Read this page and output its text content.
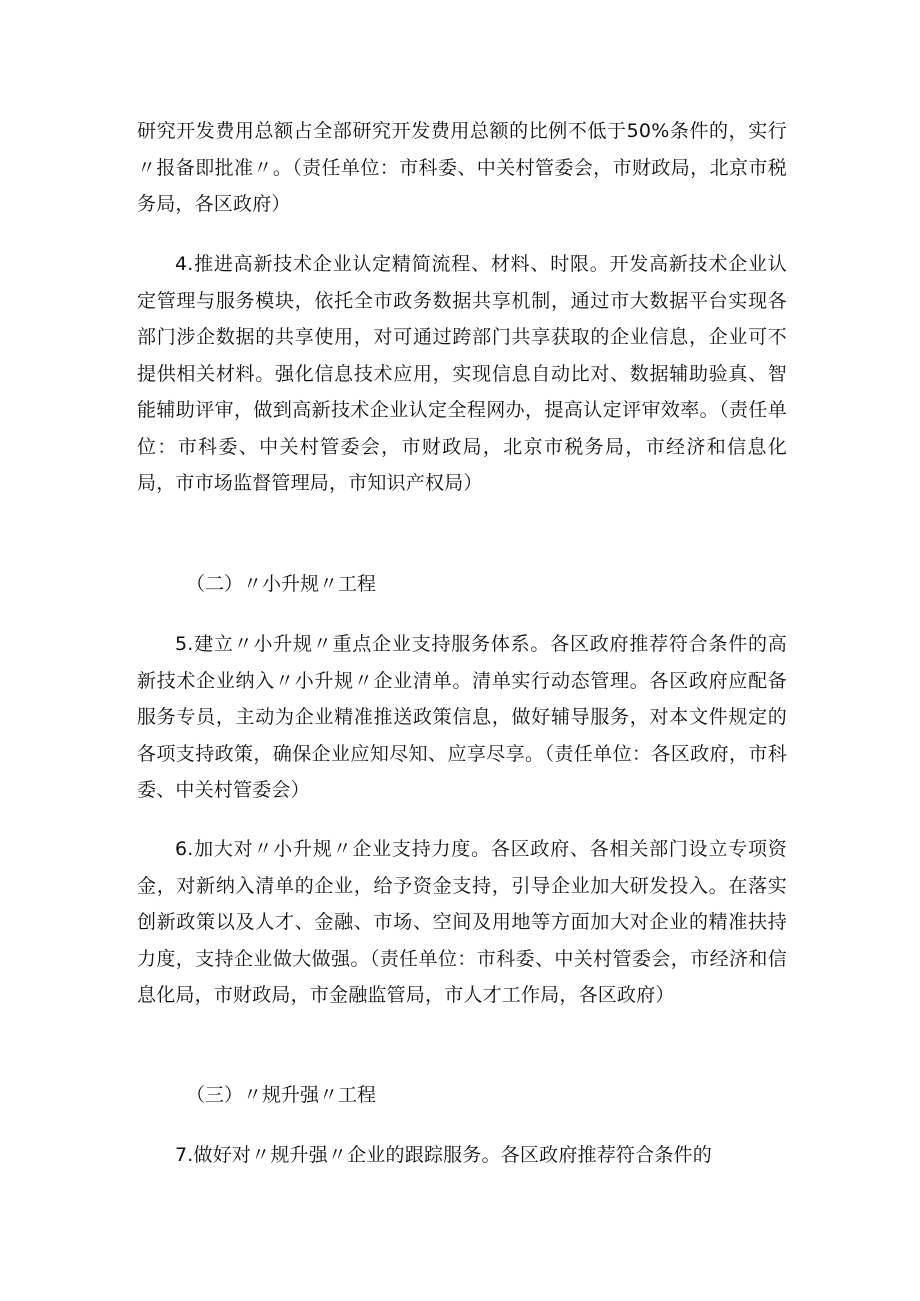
研究开发费用总额占全部研究开发费用总额的比例不低于50%条件的，实行〃报备即批准〃。（责任单位：市科委、中关村管委会，市财政局，北京市税务局，各区政府）

4.推进高新技术企业认定精简流程、材料、时限。开发高新技术企业认定管理与服务模块，依托全市政务数据共享机制，通过市大数据平台实现各部门涉企数据的共享使用，对可通过跨部门共享获取的企业信息，企业可不提供相关材料。强化信息技术应用，实现信息自动比对、数据辅助验真、智能辅助评审，做到高新技术企业认定全程网办，提高认定评审效率。（责任单位：市科委、中关村管委会，市财政局，北京市税务局，市经济和信息化局，市市场监督管理局，市知识产权局）

（二）〃小升规〃工程

5.建立〃小升规〃重点企业支持服务体系。各区政府推荐符合条件的高新技术企业纳入〃小升规〃企业清单。清单实行动态管理。各区政府应配备服务专员，主动为企业精准推送政策信息，做好辅导服务，对本文件规定的各项支持政策，确保企业应知尽知、应享尽享。（责任单位：各区政府，市科委、中关村管委会）

6.加大对〃小升规〃企业支持力度。各区政府、各相关部门设立专项资金，对新纳入清单的企业，给予资金支持，引导企业加大研发投入。在落实创新政策以及人才、金融、市场、空间及用地等方面加大对企业的精准扶持力度，支持企业做大做强。（责任单位：市科委、中关村管委会，市经济和信息化局，市财政局，市金融监管局，市人才工作局，各区政府）

（三）〃规升强〃工程

7.做好对〃规升强〃企业的跟踪服务。各区政府推荐符合条件的
